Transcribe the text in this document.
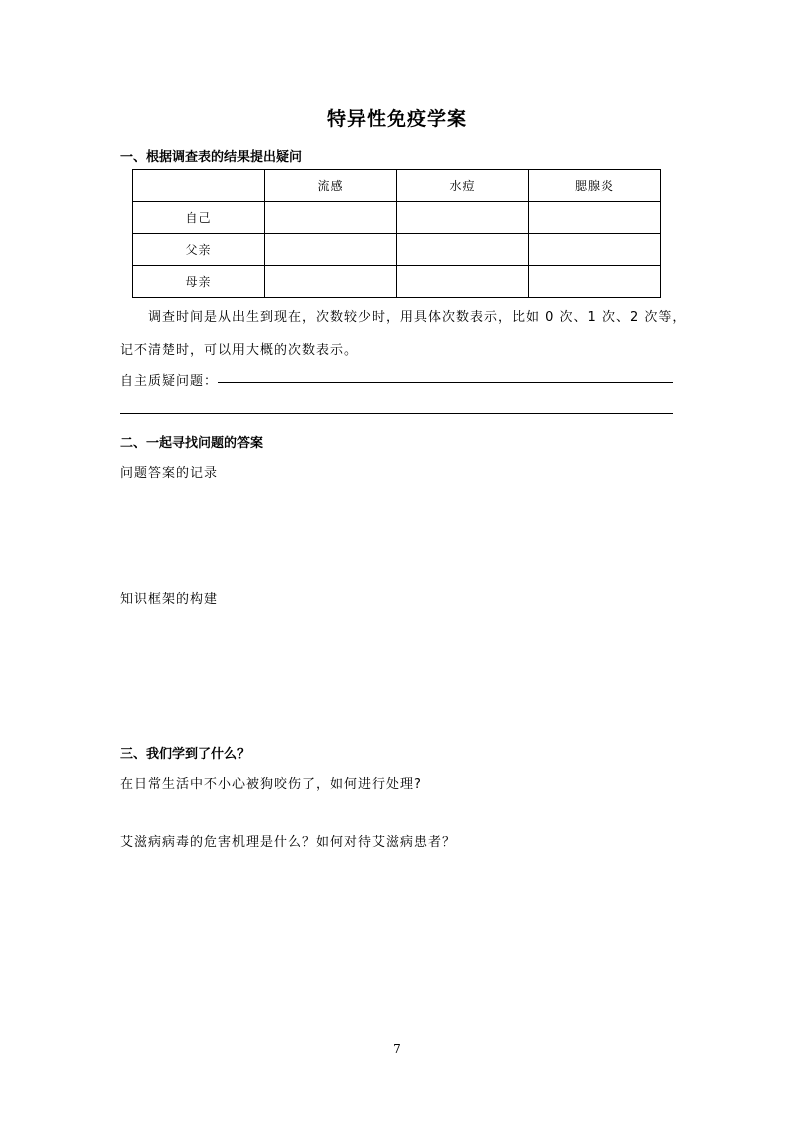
特异性免疫学案
一、根据调查表的结果提出疑问
	流感	水痘	腮腺炎
自己			
父亲			
母亲			
调查时间是从出生到现在，次数较少时，用具体次数表示，比如 0 次、1 次、2 次等，
记不清楚时，可以用大概的次数表示。
自主质疑问题：
二、一起寻找问题的答案
问题答案的记录
知识框架的构建
三、我们学到了什么？
在日常生活中不小心被狗咬伤了，如何进行处理?
艾滋病病毒的危害机理是什么？如何对待艾滋病患者？
7
